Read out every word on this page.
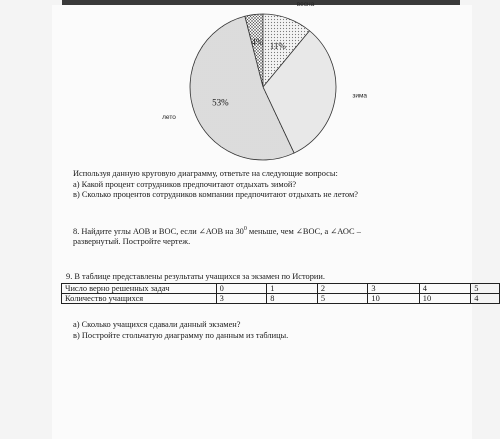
4%
весна
11%
зима
лето
53%
Используя данную круговую диаграмму, ответьте на следующие вопросы:
а) Какой процент сотрудников предпочитают отдыхать зимой?
в) Сколько процентов сотрудников компании предпочитают отдыхать не летом?
8. Найдите углы АОВ и ВОС, если ∠АОВ на $30^0$ меньше, чем ∠ВОС, а ∠АОС –
развернутый. Постройте чертеж.
9. В таблице представлены результаты учащихся за экзамен по Истории.
Число верно решенных задач	0	1	2	3	4	5
Количество учащихся	3	8	5	10	10	4
а) Сколько учащихся сдавали данный экзамен?
в) Постройте стольчатую диаграмму по данным из таблицы.
